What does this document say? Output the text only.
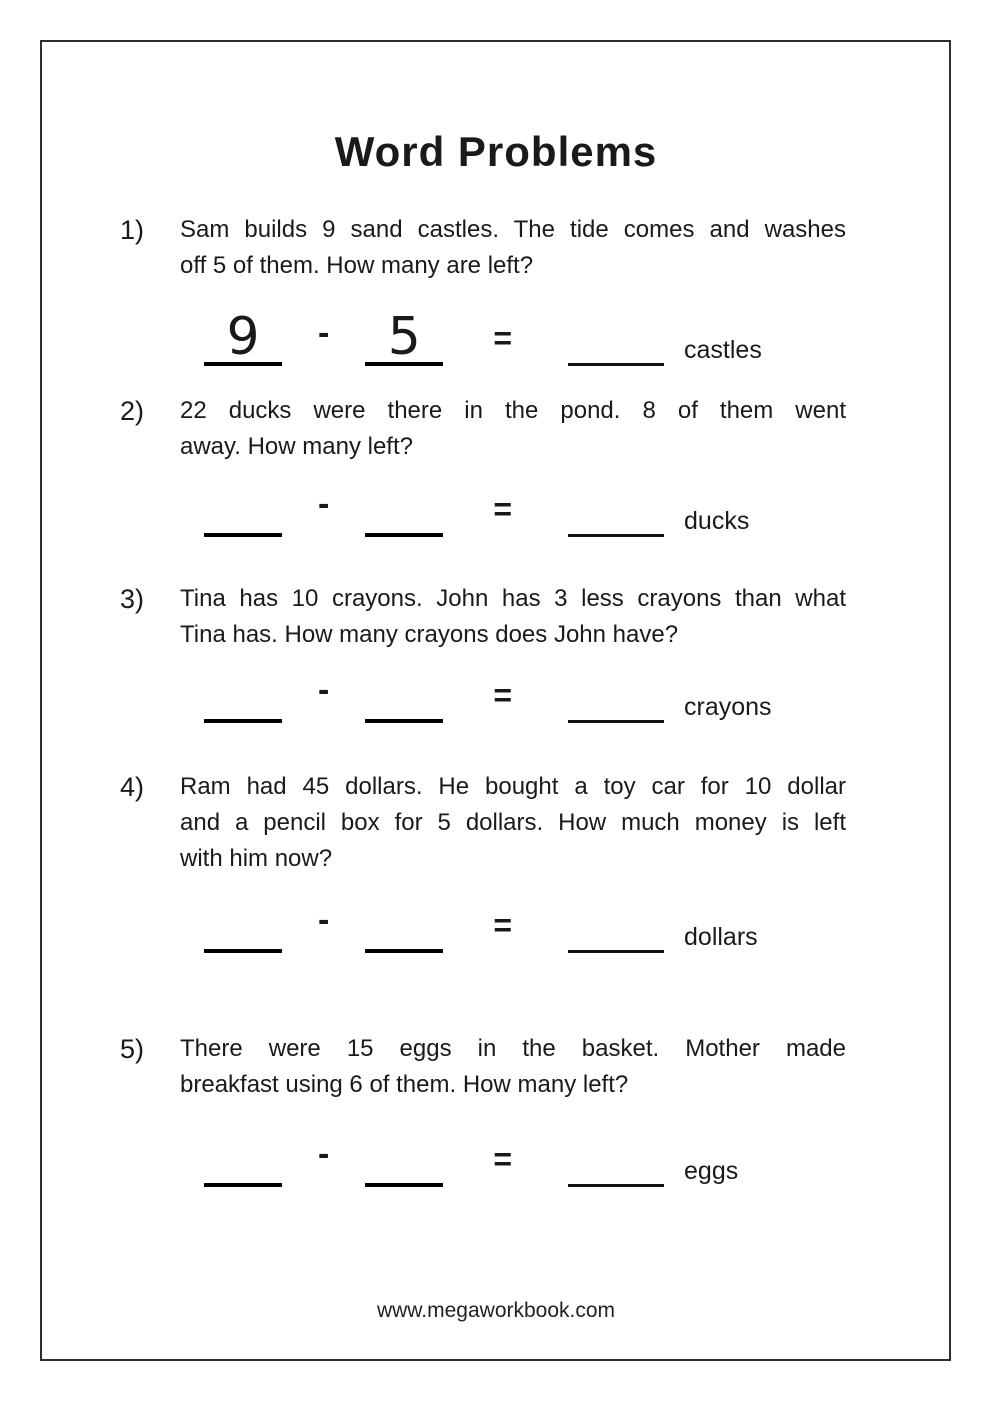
Word Problems
1)	Sam builds 9 sand castles. The tide comes and washes
off 5 of them. How many are left?
9 - 5 =	castles
2)	22 ducks were there in the pond. 8 of them went
away. How many left?
-	=	ducks
3)	Tina has 10 crayons. John has 3 less crayons than what
Tina has. How many crayons does John have?
-	=	crayons
4)	Ram had 45 dollars. He bought a toy car for 10 dollar
and a pencil box for 5 dollars. How much money is left
with him now?
-	=	dollars
5)	There were 15 eggs in the basket. Mother made
breakfast using 6 of them. How many left?
-	=	eggs
www.megaworkbook.com
